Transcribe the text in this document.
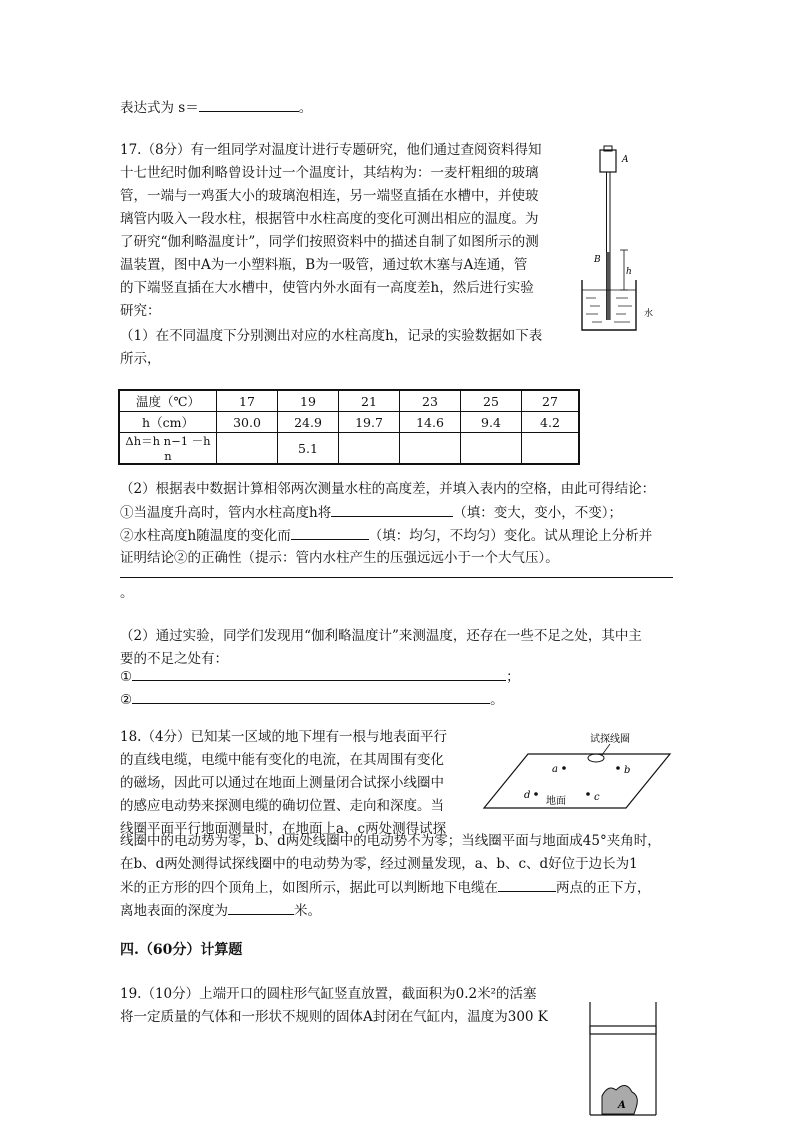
表达式为 s＝	。
17.（8分）有一组同学对温度计进行专题研究，他们通过查阅资料得知
十七世纪时伽利略曾设计过一个温度计，其结构为：一麦杆粗细的玻璃
管，一端与一鸡蛋大小的玻璃泡相连，另一端竖直插在水槽中，并使玻
璃管内吸入一段水柱，根据管中水柱高度的变化可测出相应的温度。为
了研究“伽利略温度计”，同学们按照资料中的描述自制了如图所示的测
温装置，图中A为一小塑料瓶，B为一吸管，通过软木塞与A连通，管
的下端竖直插在大水槽中，使管内外水面有一高度差h，然后进行实验
研究：
A
B
h
水
（1）在不同温度下分别测出对应的水柱高度h，记录的实验数据如下表
所示，
温度（℃）	17	19	21	23	25	27
h（cm）	30.0	24.9	19.7	14.6	9.4	4.2
Δh＝h n−1 －h n		5.1				
（2）根据表中数据计算相邻两次测量水柱的高度差，并填入表内的空格，由此可得结论：
①当温度升高时，管内水柱高度h将	（填：变大，变小，不变）；
②水柱高度h随温度的变化而	（填：均匀，不均匀）变化。试从理论上分析并
证明结论②的正确性（提示：管内水柱产生的压强远远小于一个大气压）。
。
（2）通过实验，同学们发现用“伽利略温度计”来测温度，还存在一些不足之处，其中主
要的不足之处有：
①	；
②	。
18.（4分）已知某一区域的地下埋有一根与地表面平行
的直线电缆，电缆中能有变化的电流，在其周围有变化
的磁场，因此可以通过在地面上测量闭合试探小线圈中
的感应电动势来探测电缆的确切位置、走向和深度。当
线圈平面平行地面测量时，在地面上a、c两处测得试探
线圈中的电动势为零，b、d两处线圈中的电动势不为零；当线圈平面与地面成45°夹角时，
在b、d两处测得试探线圈中的电动势为零，经过测量发现，a、b、c、d好位于边长为1
米的正方形的四个顶角上，如图所示，据此可以判断地下电缆在	两点的正下方，
离地表面的深度为	米。
试探线圈
a	b
d	c
地面
四.（60分）计算题
19.（10分）上端开口的圆柱形气缸竖直放置，截面积为0.2米²的活塞
将一定质量的气体和一形状不规则的固体A封闭在气缸内，温度为300 K
A
